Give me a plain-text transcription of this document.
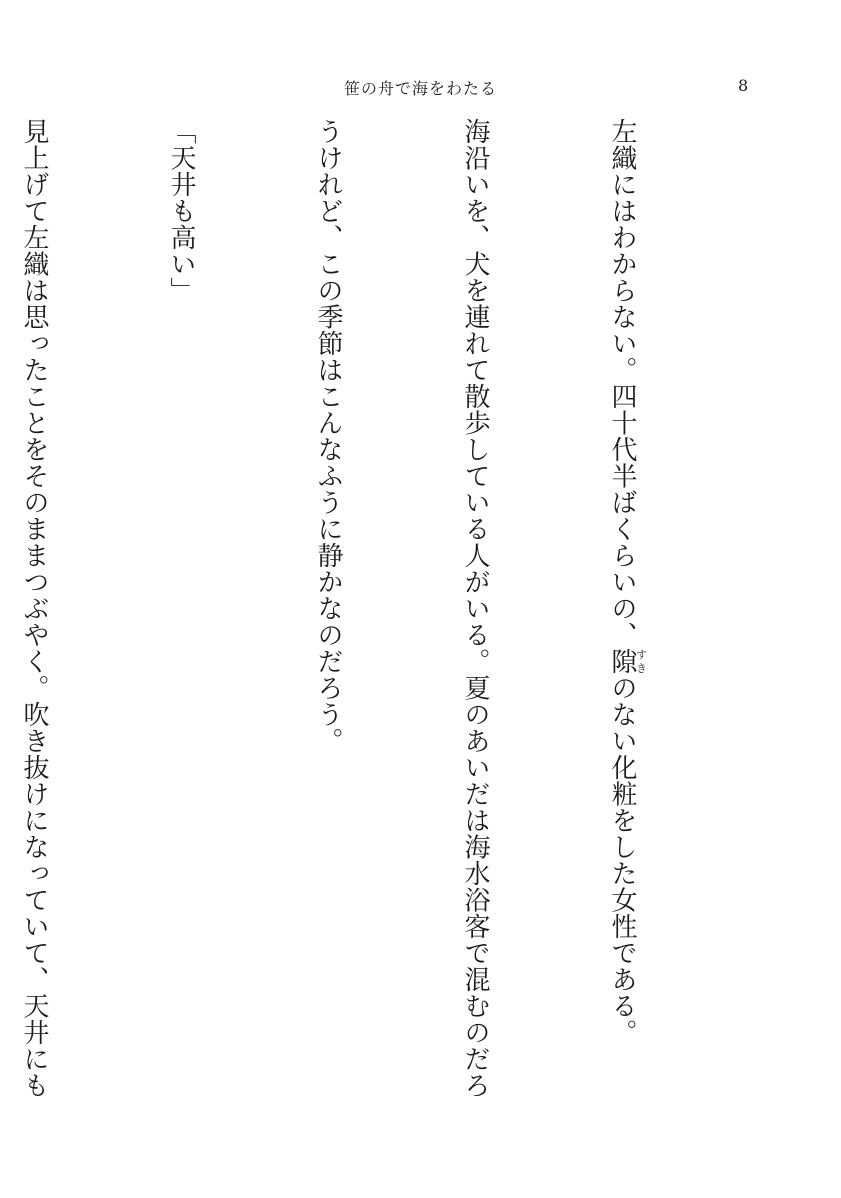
笹の舟で海をわたる	8

左織にはわからない。四十代半ばくらいの、隙すきのない化粧をした女性である。

海沿いを、犬を連れて散歩している人がいる。夏のあいだは海水浴客で混むのだろ

うけれど、この季節はこんなふうに静かなのだろう。

「天井も高い」

見上げて左織は思ったことをそのままつぶやく。吹き抜けになっていて、天井にも
